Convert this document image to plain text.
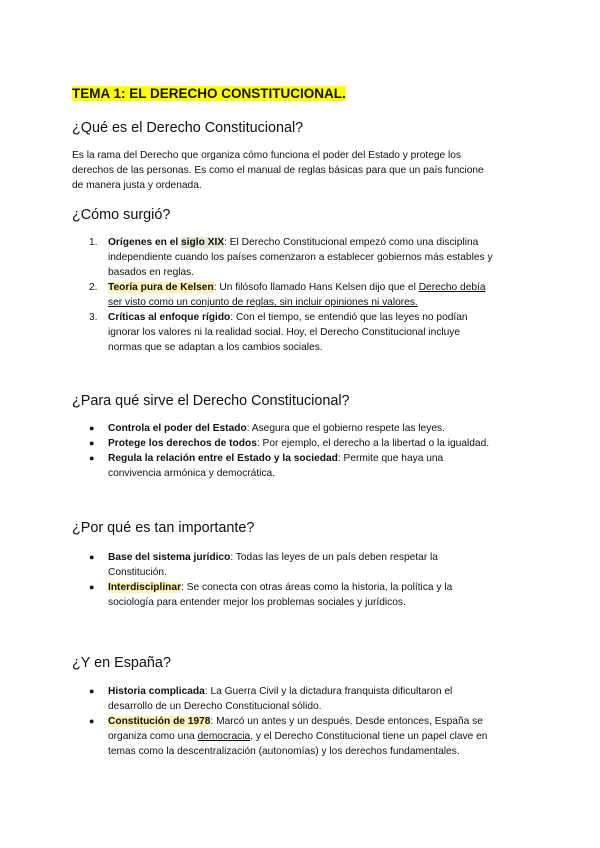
TEMA 1: EL DERECHO CONSTITUCIONAL.
¿Qué es el Derecho Constitucional?
Es la rama del Derecho que organiza cómo funciona el poder del Estado y protege los
derechos de las personas. Es como el manual de reglas básicas para que un país funcione
de manera justa y ordenada.
¿Cómo surgió?
1. Orígenes en el siglo XIX: El Derecho Constitucional empezó como una disciplina
independiente cuando los países comenzaron a establecer gobiernos más estables y
basados en reglas.
2. Teoría pura de Kelsen: Un filósofo llamado Hans Kelsen dijo que el Derecho debía
ser visto como un conjunto de reglas, sin incluir opiniones ni valores.
3. Críticas al enfoque rígido: Con el tiempo, se entendió que las leyes no podían
ignorar los valores ni la realidad social. Hoy, el Derecho Constitucional incluye
normas que se adaptan a los cambios sociales.
¿Para qué sirve el Derecho Constitucional?
● Controla el poder del Estado: Asegura que el gobierno respete las leyes.
● Protege los derechos de todos: Por ejemplo, el derecho a la libertad o la igualdad.
● Regula la relación entre el Estado y la sociedad: Permite que haya una
convivencia armónica y democrática.
¿Por qué es tan importante?
● Base del sistema jurídico: Todas las leyes de un país deben respetar la
Constitución.
● Interdisciplinar: Se conecta con otras áreas como la historia, la política y la
sociología para entender mejor los problemas sociales y jurídicos.
¿Y en España?
● Historia complicada: La Guerra Civil y la dictadura franquista dificultaron el
desarrollo de un Derecho Constitucional sólido.
● Constitución de 1978: Marcó un antes y un después. Desde entonces, España se
organiza como una democracia, y el Derecho Constitucional tiene un papel clave en
temas como la descentralización (autonomías) y los derechos fundamentales.
